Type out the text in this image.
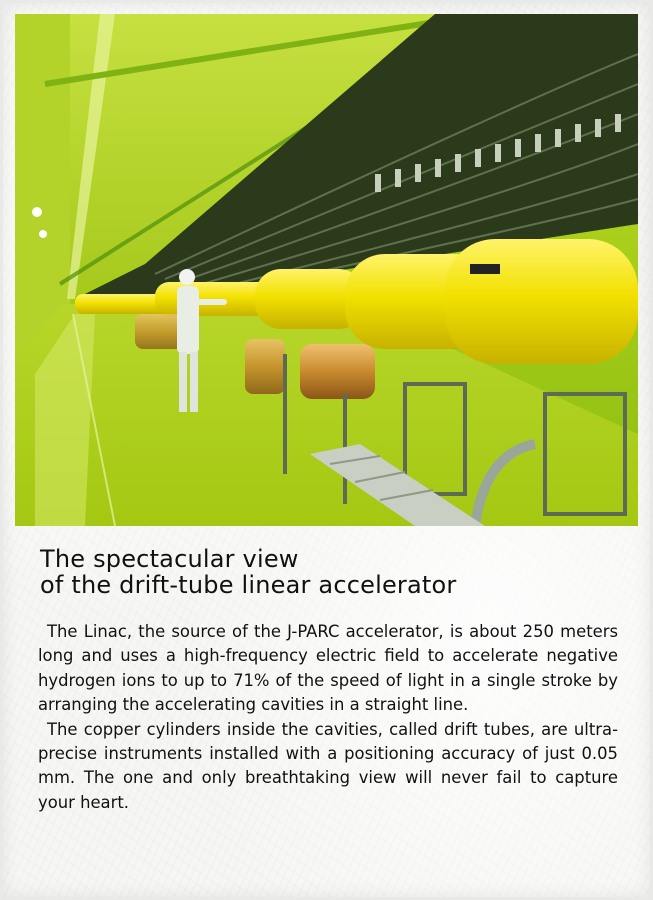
The spectacular view
of the drift-tube linear accelerator
The Linac, the source of the J-PARC accelerator, is about 250 meters long and uses a high-frequency electric field to accelerate negative hydrogen ions to up to 71% of the speed of light in a single stroke by arranging the accelerating cavities in a straight line.
The copper cylinders inside the cavities, called drift tubes, are ultra-precise instruments installed with a positioning accuracy of just 0.05 mm. The one and only breathtaking view will never fail to capture your heart.
